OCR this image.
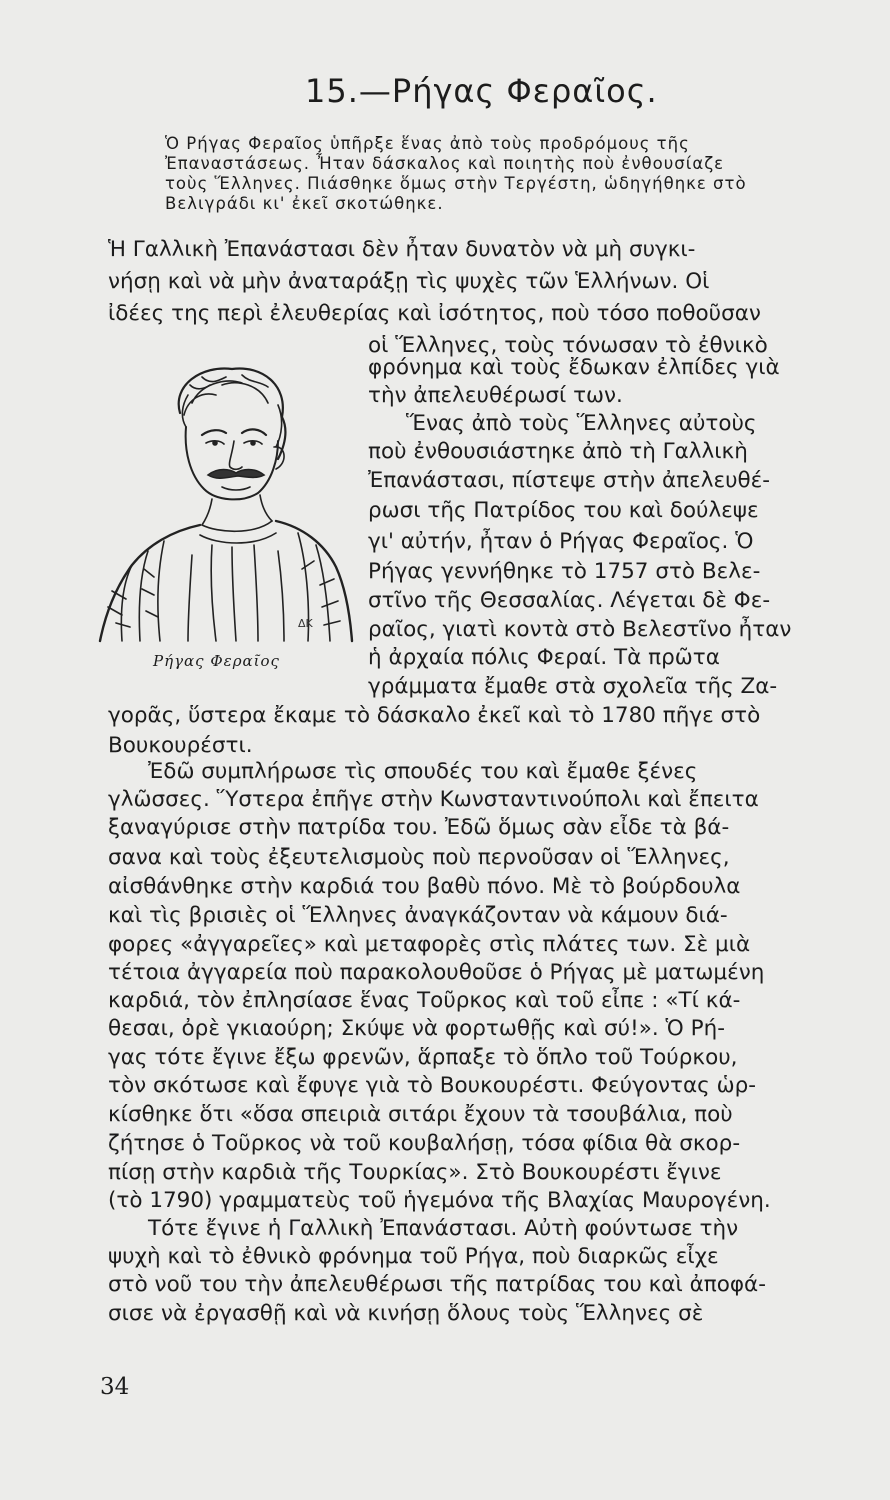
15.—Ρήγας Φεραῖος.
Ὁ Ρήγας Φεραῖος ὑπῆρξε ἕνας ἀπὸ τοὺς προδρόμους τῆς
Ἐπαναστάσεως. Ἦταν δάσκαλος καὶ ποιητὴς ποὺ ἐνθουσίαζε
τοὺς Ἕλληνες. Πιάσθηκε ὅμως στὴν Τεργέστη, ὡδηγήθηκε στὸ
Βελιγράδι κι' ἐκεῖ σκοτώθηκε.
ΔΚ
Ρήγας Φεραῖος
Ἡ Γαλλικὴ Ἐπανάστασι δὲν ἦταν δυνατὸν νὰ μὴ συγκι-
νήσῃ καὶ νὰ μὴν ἀναταράξῃ τὶς ψυχὲς τῶν Ἑλλήνων. Οἱ
ἰδέες της περὶ ἐλευθερίας καὶ ἰσότητος, ποὺ τόσο ποθοῦσαν
οἱ Ἕλληνες, τοὺς τόνωσαν τὸ ἐθνικὸ
φρόνημα καὶ τοὺς ἔδωκαν ἐλπίδες γιὰ
τὴν ἀπελευθέρωσί των.
Ἕνας ἀπὸ τοὺς Ἕλληνες αὐτοὺς
ποὺ ἐνθουσιάστηκε ἀπὸ τὴ Γαλλικὴ
Ἐπανάστασι, πίστεψε στὴν ἀπελευθέ-
ρωσι τῆς Πατρίδος του καὶ δούλεψε
γι' αὐτήν, ἦταν ὁ Ρήγας Φεραῖος. Ὁ
Ρήγας γεννήθηκε τὸ 1757 στὸ Βελε-
στῖνο τῆς Θεσσαλίας. Λέγεται δὲ Φε-
ραῖος, γιατὶ κοντὰ στὸ Βελεστῖνο ἦταν
ἡ ἀρχαία πόλις Φεραί. Τὰ πρῶτα
γράμματα ἔμαθε στὰ σχολεῖα τῆς Ζα-
γορᾶς, ὕστερα ἔκαμε τὸ δάσκαλο ἐκεῖ καὶ τὸ 1780 πῆγε στὸ
Βουκουρέστι.
Ἐδῶ συμπλήρωσε τὶς σπουδές του καὶ ἔμαθε ξένες
γλῶσσες. Ὕστερα ἐπῆγε στὴν Κωνσταντινούπολι καὶ ἔπειτα
ξαναγύρισε στὴν πατρίδα του. Ἐδῶ ὅμως σὰν εἶδε τὰ βά-
σανα καὶ τοὺς ἐξευτελισμοὺς ποὺ περνοῦσαν οἱ Ἕλληνες,
αἰσθάνθηκε στὴν καρδιά του βαθὺ πόνο. Μὲ τὸ βούρδουλα
καὶ τὶς βρισιὲς οἱ Ἕλληνες ἀναγκάζονταν νὰ κάμουν διά-
φορες «ἀγγαρεῖες» καὶ μεταφορὲς στὶς πλάτες των. Σὲ μιὰ
τέτοια ἀγγαρεία ποὺ παρακολουθοῦσε ὁ Ρήγας μὲ ματωμένη
καρδιά, τὸν ἐπλησίασε ἕνας Τοῦρκος καὶ τοῦ εἶπε : «Τί κά-
θεσαι, ὀρὲ γκιαούρη; Σκύψε νὰ φορτωθῇς καὶ σύ!». Ὁ Ρή-
γας τότε ἔγινε ἔξω φρενῶν, ἅρπαξε τὸ ὅπλο τοῦ Τούρκου,
τὸν σκότωσε καὶ ἔφυγε γιὰ τὸ Βουκουρέστι. Φεύγοντας ὡρ-
κίσθηκε ὅτι «ὅσα σπειριὰ σιτάρι ἔχουν τὰ τσουβάλια, ποὺ
ζήτησε ὁ Τοῦρκος νὰ τοῦ κουβαλήσῃ, τόσα φίδια θὰ σκορ-
πίσῃ στὴν καρδιὰ τῆς Τουρκίας». Στὸ Βουκουρέστι ἔγινε
(τὸ 1790) γραμματεὺς τοῦ ἡγεμόνα τῆς Βλαχίας Μαυρογένη.
Τότε ἔγινε ἡ Γαλλικὴ Ἐπανάστασι. Αὐτὴ φούντωσε τὴν
ψυχὴ καὶ τὸ ἐθνικὸ φρόνημα τοῦ Ρήγα, ποὺ διαρκῶς εἶχε
στὸ νοῦ του τὴν ἀπελευθέρωσι τῆς πατρίδας του καὶ ἀποφά-
σισε νὰ ἐργασθῇ καὶ νὰ κινήσῃ ὅλους τοὺς Ἕλληνες σὲ
34
